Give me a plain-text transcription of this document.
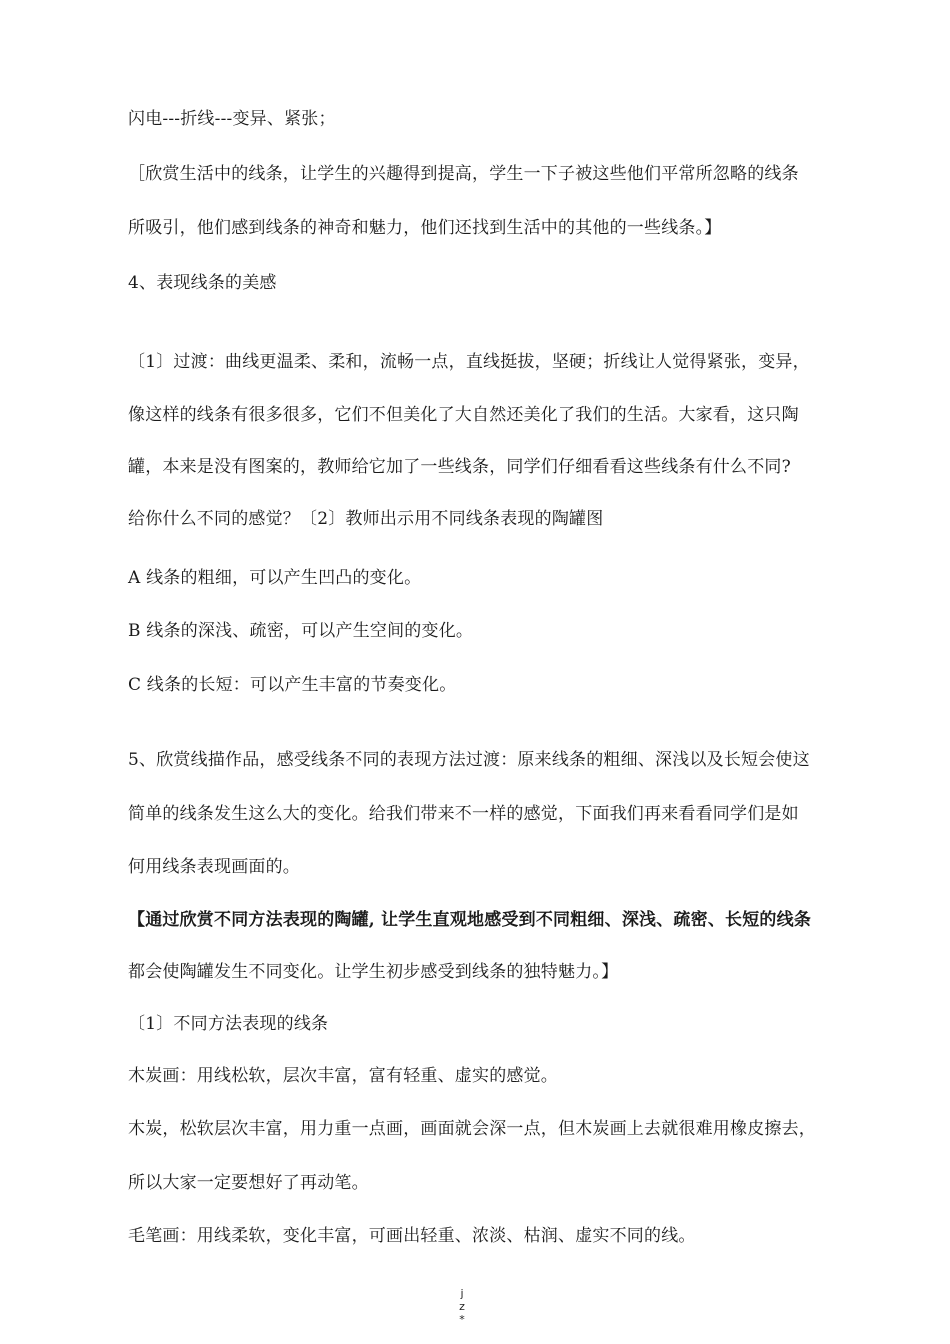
闪电---折线---变异、紧张；

［欣赏生活中的线条，让学生的兴趣得到提高，学生一下子被这些他们平常所忽略的线条

所吸引，他们感到线条的神奇和魅力，他们还找到生活中的其他的一些线条。】

4、表现线条的美感

〔1〕过渡：曲线更温柔、柔和，流畅一点，直线挺拔，坚硬；折线让人觉得紧张，变异，

像这样的线条有很多很多，它们不但美化了大自然还美化了我们的生活。大家看，这只陶

罐，本来是没有图案的，教师给它加了一些线条，同学们仔细看看这些线条有什么不同?

给你什么不同的感觉？〔2〕教师出示用不同线条表现的陶罐图

A 线条的粗细，可以产生凹凸的变化。

B 线条的深浅、疏密，可以产生空间的变化。

C 线条的长短：可以产生丰富的节奏变化。

5、欣赏线描作品，感受线条不同的表现方法过渡：原来线条的粗细、深浅以及长短会使这

简单的线条发生这么大的变化。给我们带来不一样的感觉，下面我们再来看看同学们是如

何用线条表现画面的。

【通过欣赏不同方法表现的陶罐, 让学生直观地感受到不同粗细、深浅、疏密、长短的线条

都会使陶罐发生不同变化。让学生初步感受到线条的独特魅力。】

〔1〕不同方法表现的线条

木炭画：用线松软，层次丰富，富有轻重、虚实的感觉。

木炭，松软层次丰富，用力重一点画，画面就会深一点，但木炭画上去就很难用橡皮擦去，

所以大家一定要想好了再动笔。

毛笔画：用线柔软，变化丰富，可画出轻重、浓淡、枯润、虚实不同的线。

j
z
*
